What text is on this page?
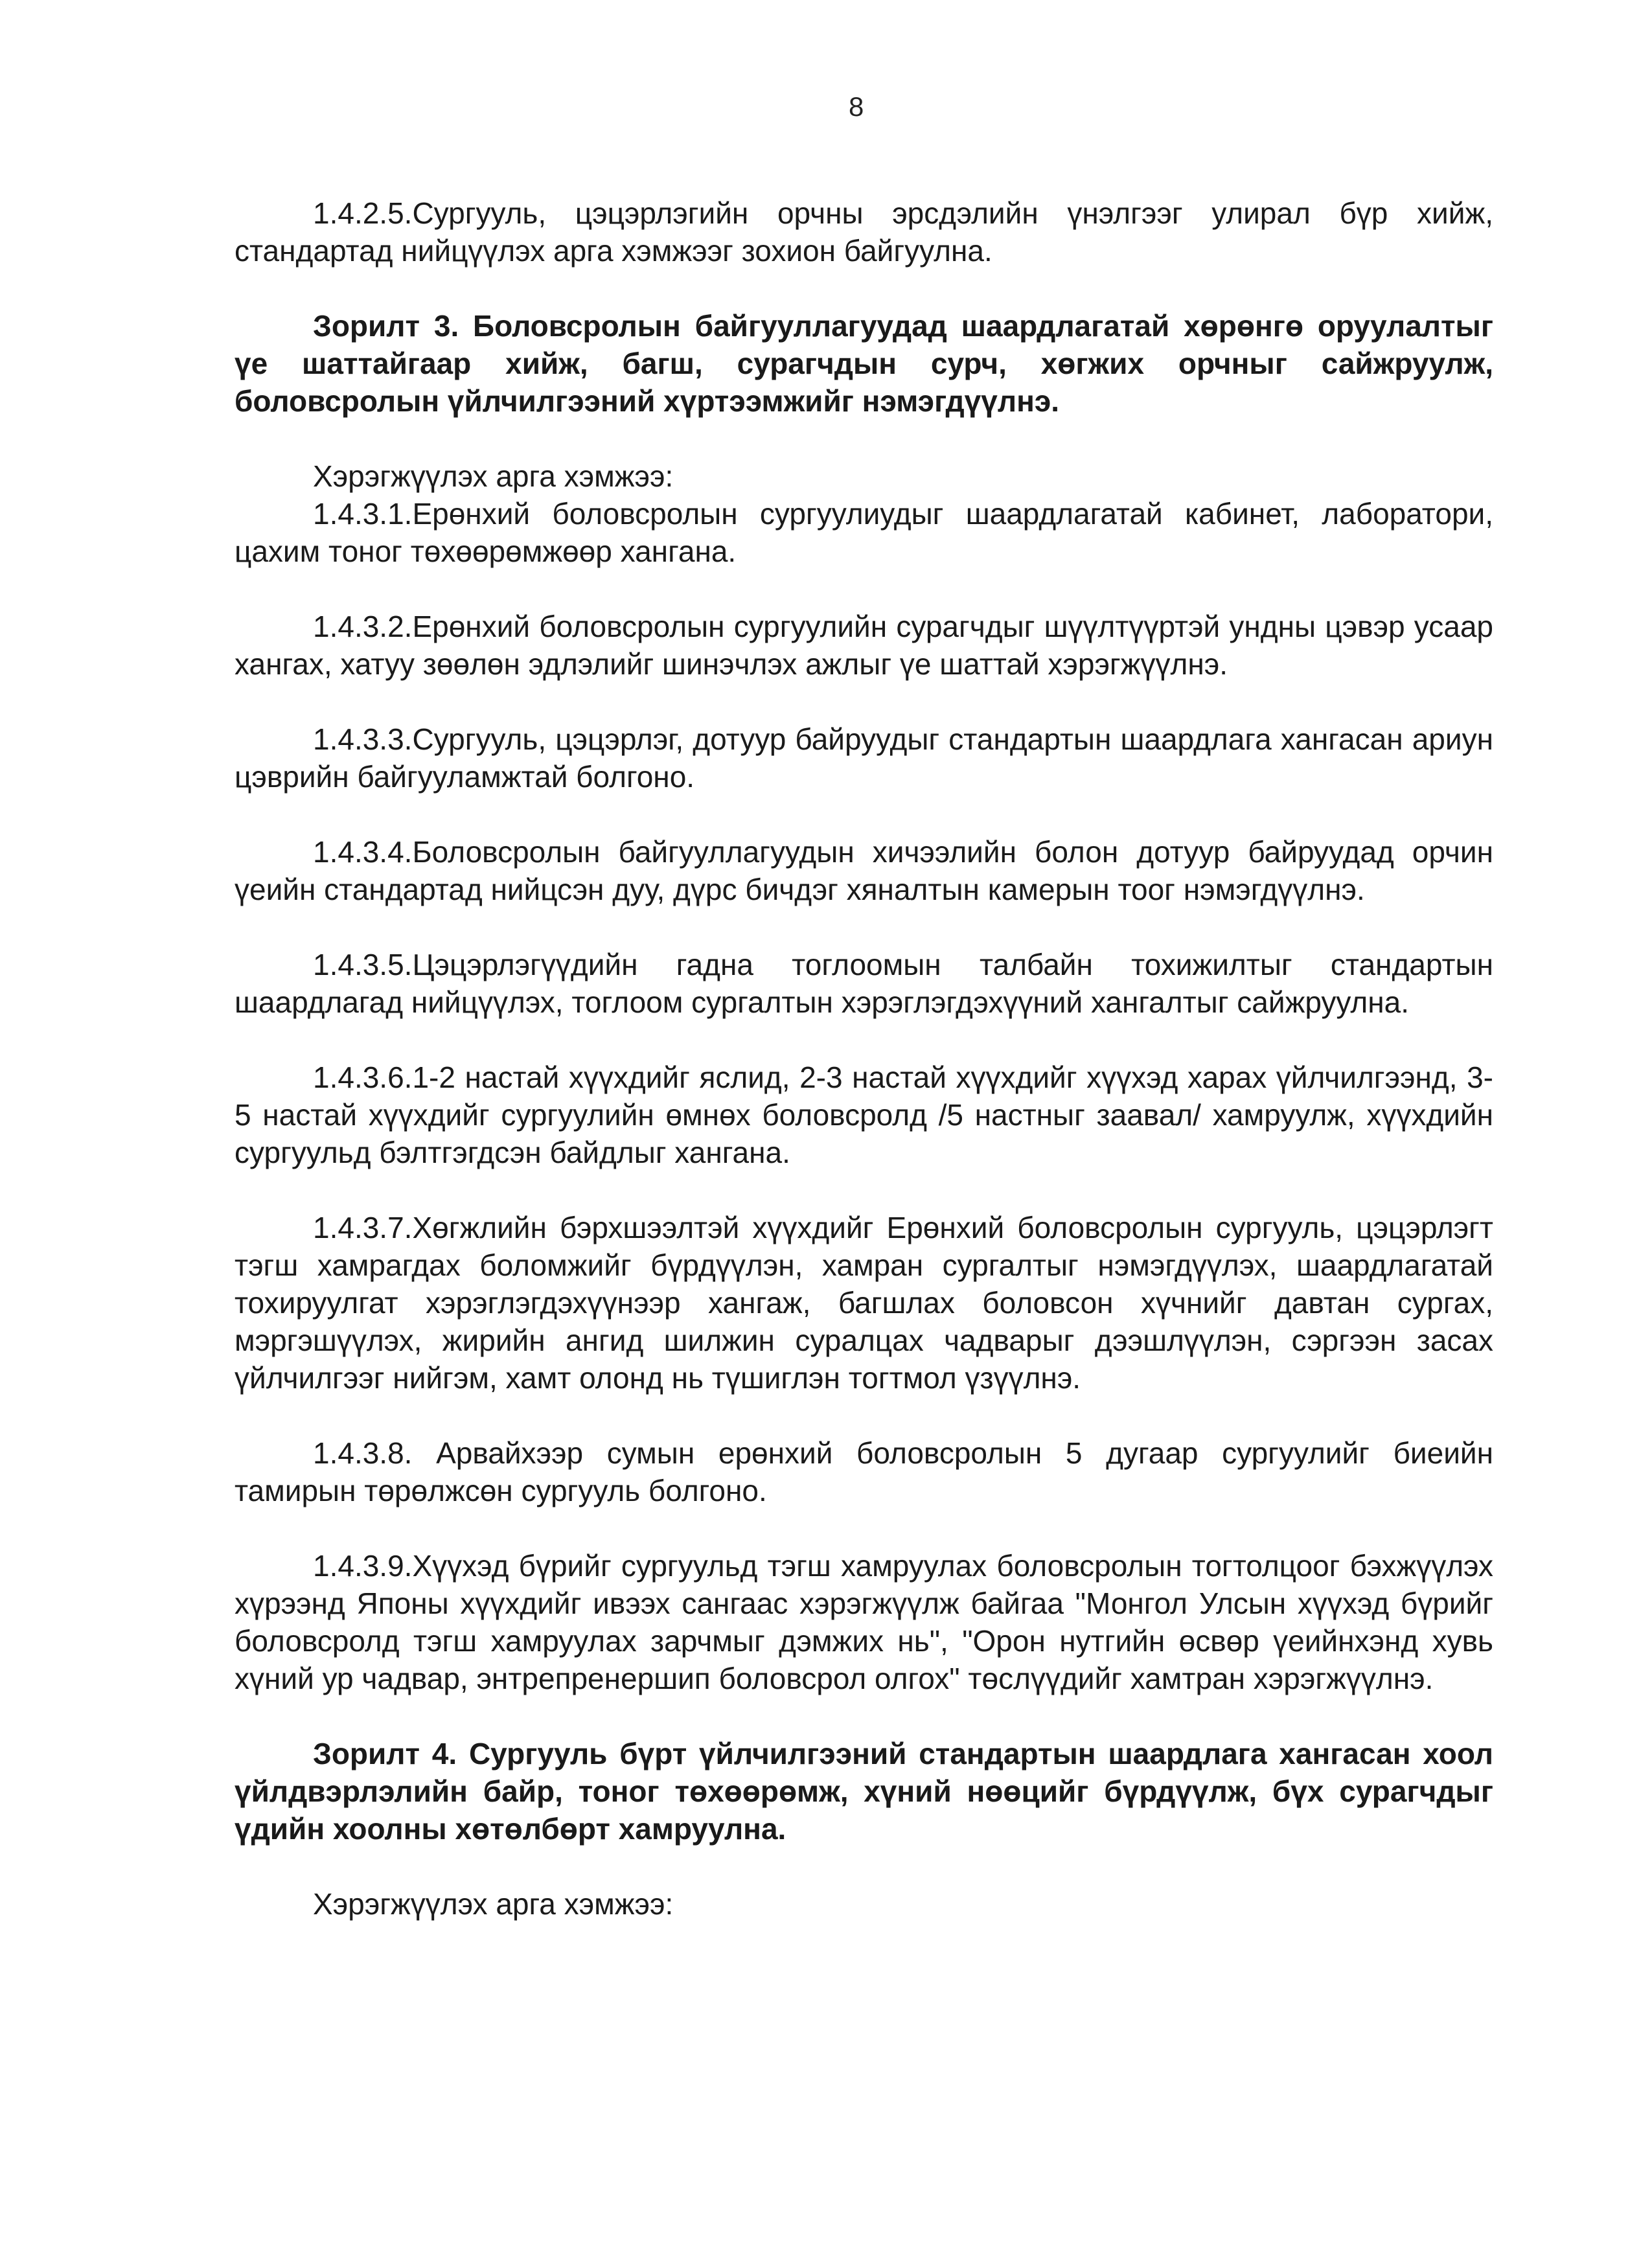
8

1.4.2.5.Сургууль, цэцэрлэгийн орчны эрсдэлийн үнэлгээг улирал бүр хийж, стандартад нийцүүлэх арга хэмжээг зохион байгуулна.

Зорилт 3. Боловсролын байгууллагуудад шаардлагатай хөрөнгө оруулалтыг үе шаттайгаар хийж, багш, сурагчдын сурч, хөгжих орчныг сайжруулж, боловсролын үйлчилгээний хүртээмжийг нэмэгдүүлнэ.

Хэрэгжүүлэх арга хэмжээ:

1.4.3.1.Ерөнхий боловсролын сургуулиудыг шаардлагатай кабинет, лаборатори, цахим тоног төхөөрөмжөөр хангана.

1.4.3.2.Ерөнхий боловсролын сургуулийн сурагчдыг шүүлтүүртэй ундны цэвэр усаар хангах, хатуу зөөлөн эдлэлийг шинэчлэх ажлыг үе шаттай хэрэгжүүлнэ.

1.4.3.3.Сургууль, цэцэрлэг, дотуур байруудыг стандартын шаардлага хангасан ариун цэврийн байгууламжтай болгоно.

1.4.3.4.Боловсролын байгууллагуудын хичээлийн болон дотуур байруудад орчин үеийн стандартад нийцсэн дуу, дүрс бичдэг хяналтын камерын тоог нэмэгдүүлнэ.

1.4.3.5.Цэцэрлэгүүдийн гадна тоглоомын талбайн тохижилтыг стандартын шаардлагад нийцүүлэх, тоглоом сургалтын хэрэглэгдэхүүний хангалтыг сайжруулна.

1.4.3.6.1-2 настай хүүхдийг яслид, 2-3 настай хүүхдийг хүүхэд харах үйлчилгээнд, 3-5 настай хүүхдийг сургуулийн өмнөх боловсролд /5 настныг заавал/ хамруулж, хүүхдийн сургуульд бэлтгэгдсэн байдлыг хангана.

1.4.3.7.Хөгжлийн бэрхшээлтэй хүүхдийг Ерөнхий боловсролын сургууль, цэцэрлэгт тэгш хамрагдах боломжийг бүрдүүлэн, хамран сургалтыг нэмэгдүүлэх, шаардлагатай тохируулгат хэрэглэгдэхүүнээр хангаж, багшлах боловсон хүчнийг давтан сургах, мэргэшүүлэх, жирийн ангид шилжин суралцах чадварыг дээшлүүлэн, сэргээн засах үйлчилгээг нийгэм, хамт олонд нь түшиглэн тогтмол үзүүлнэ.

1.4.3.8. Арвайхээр сумын ерөнхий боловсролын 5 дугаар сургуулийг биеийн тамирын төрөлжсөн сургууль болгоно.

1.4.3.9.Хүүхэд бүрийг сургуульд тэгш хамруулах боловсролын тогтолцоог бэхжүүлэх хүрээнд Японы хүүхдийг ивээх сангаас хэрэгжүүлж байгаа "Монгол Улсын хүүхэд бүрийг боловсролд тэгш хамруулах зарчмыг дэмжих нь", "Орон нутгийн өсвөр үеийнхэнд хувь хүний ур чадвар, энтрепренершип боловсрол олгох" төслүүдийг хамтран хэрэгжүүлнэ.

Зорилт 4. Сургууль бүрт үйлчилгээний стандартын шаардлага хангасан хоол үйлдвэрлэлийн байр, тоног төхөөрөмж, хүний нөөцийг бүрдүүлж, бүх сурагчдыг үдийн хоолны хөтөлбөрт хамруулна.

Хэрэгжүүлэх арга хэмжээ:
